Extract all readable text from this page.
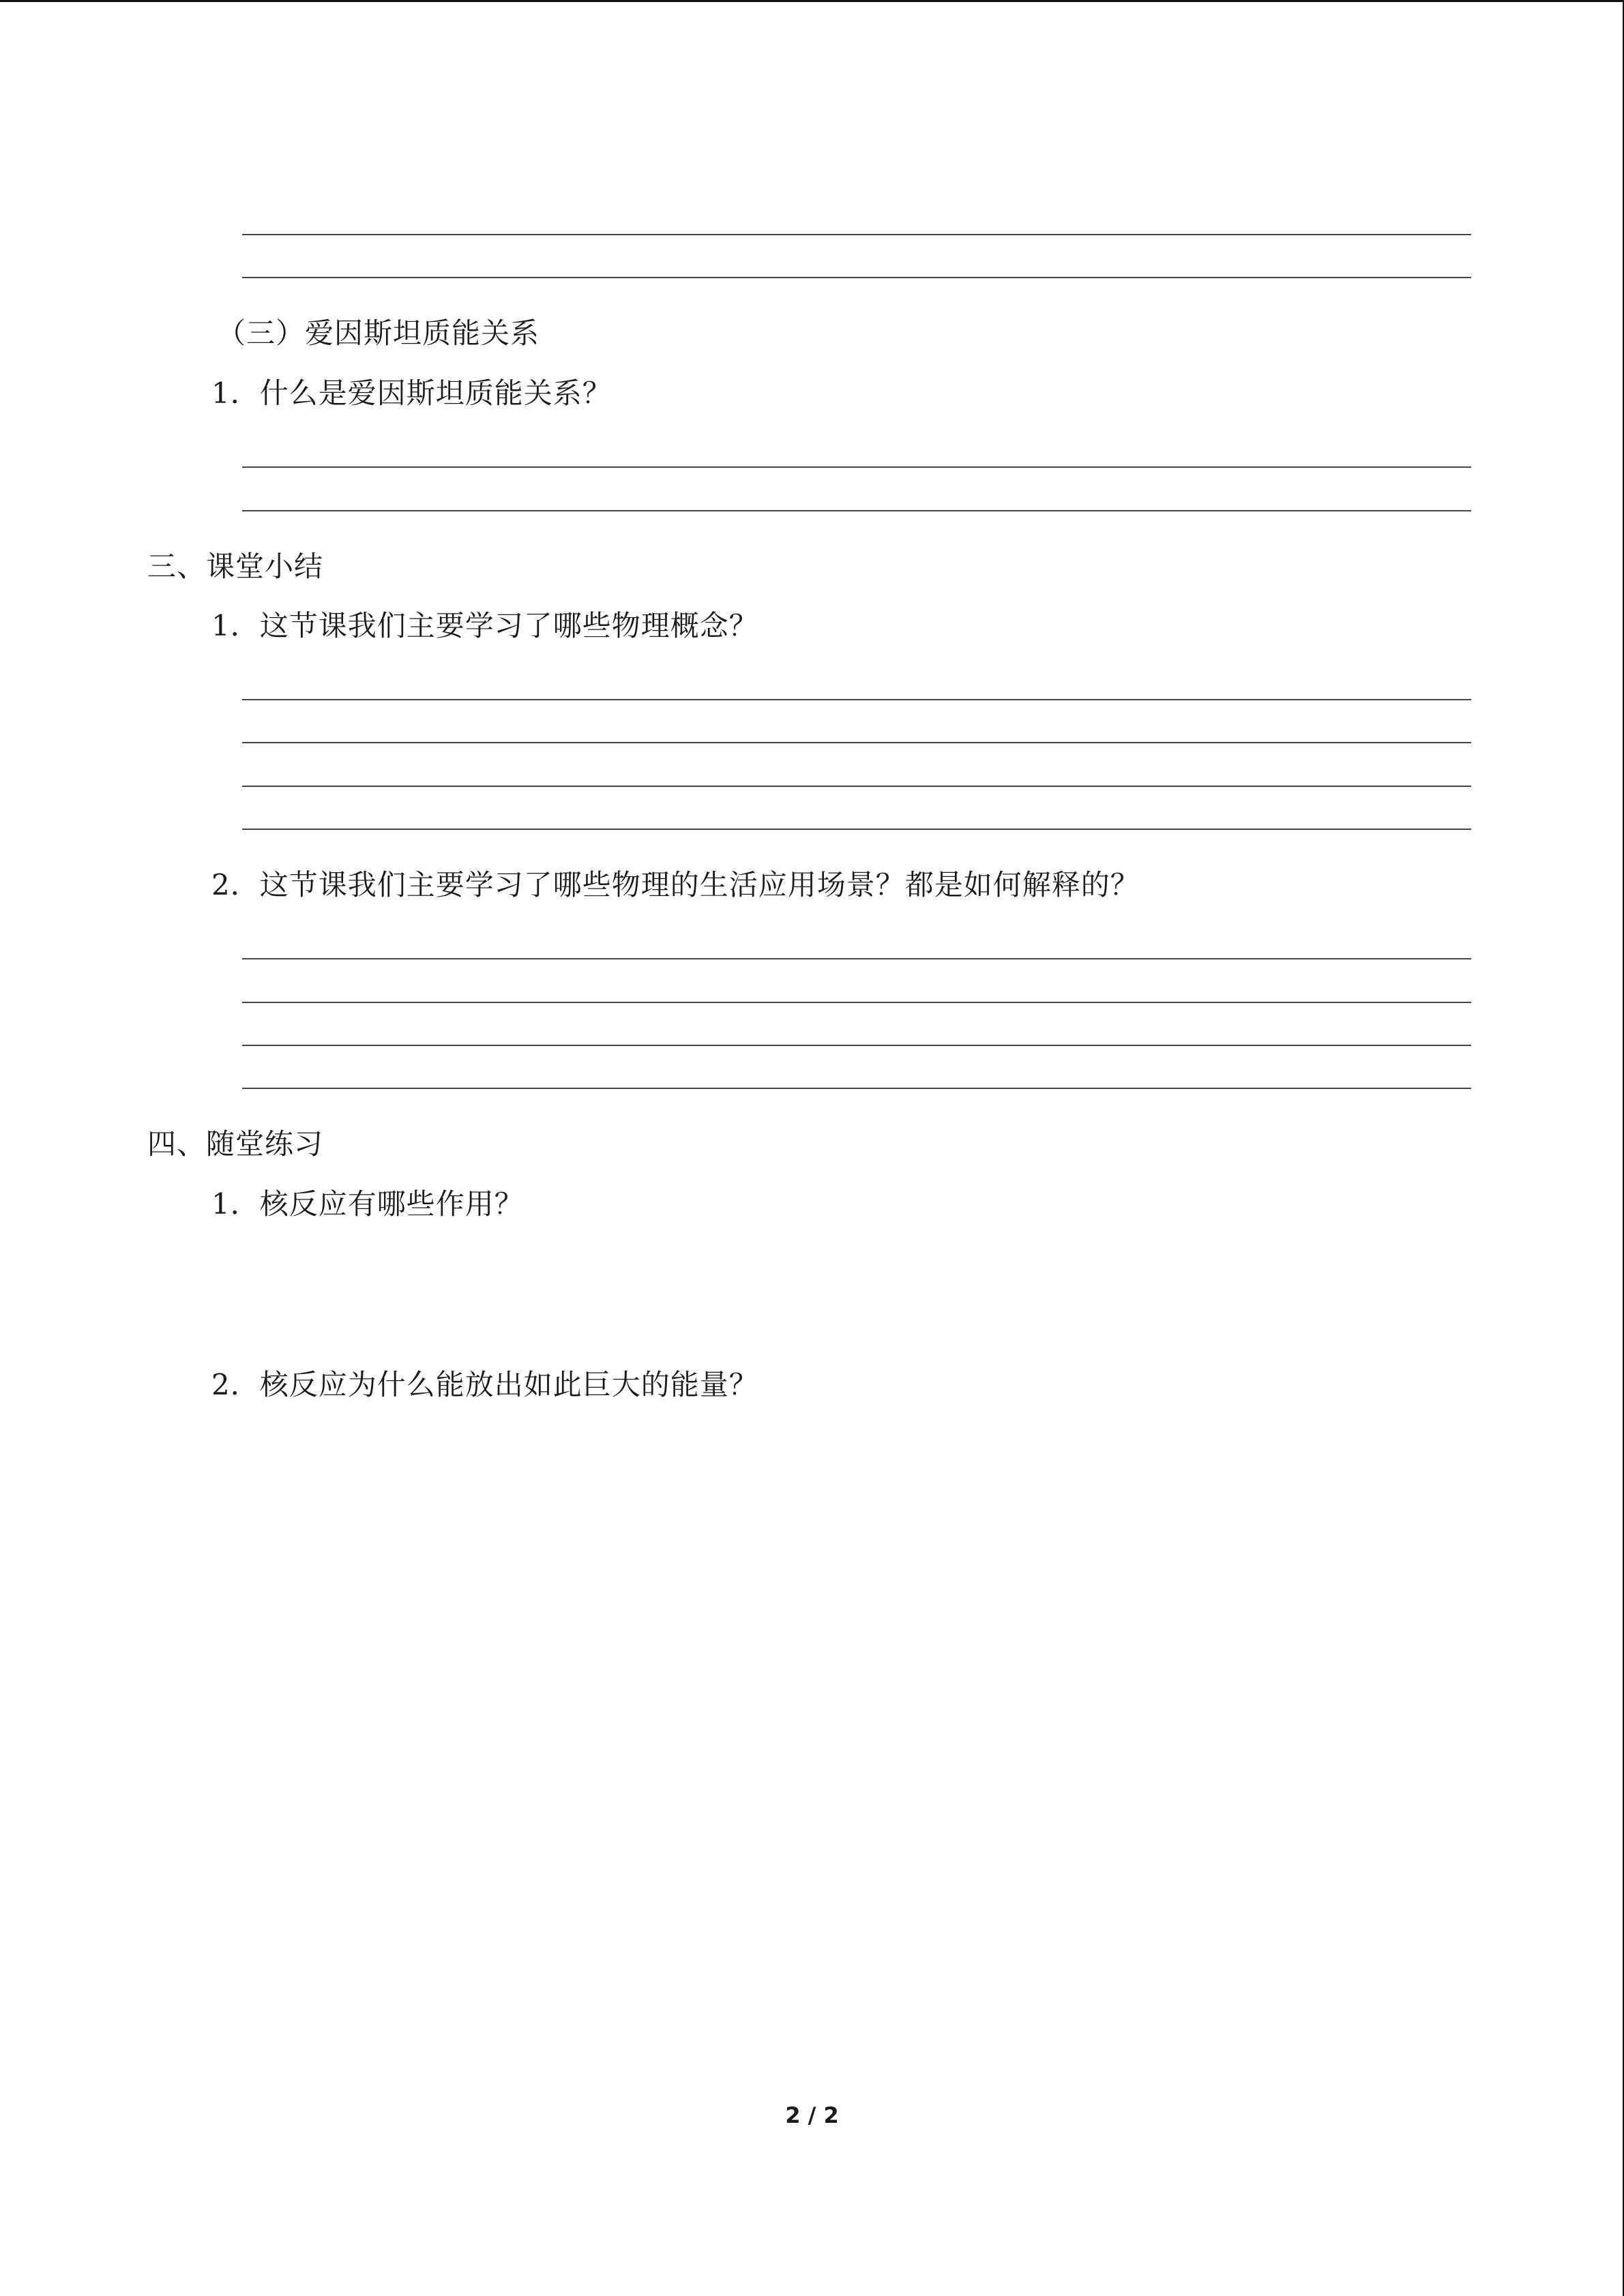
（三）爱因斯坦质能关系
1．什么是爱因斯坦质能关系？
三、课堂小结
1．这节课我们主要学习了哪些物理概念？
2．这节课我们主要学习了哪些物理的生活应用场景？都是如何解释的？
四、随堂练习
1．核反应有哪些作用？
2．核反应为什么能放出如此巨大的能量？
2 / 2
